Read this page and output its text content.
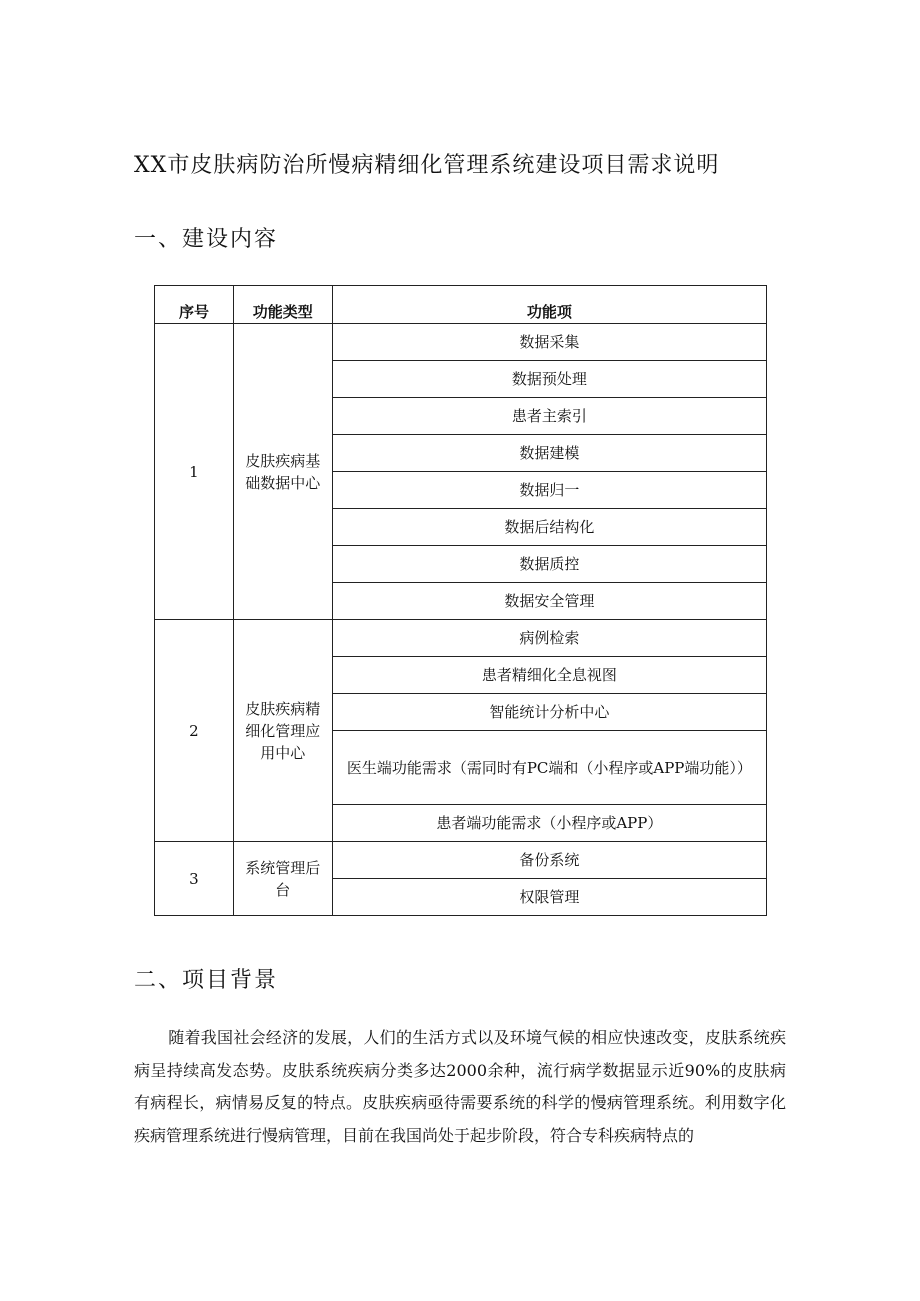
XX市皮肤病防治所慢病精细化管理系统建设项目需求说明
一、建设内容
序号	功能类型	功能项
1	皮肤疾病基础数据中心	数据采集
		数据预处理
		患者主索引
		数据建模
		数据归一
		数据后结构化
		数据质控
		数据安全管理
2	皮肤疾病精细化管理应用中心	病例检索
		患者精细化全息视图
		智能统计分析中心
		医生端功能需求（需同时有PC端和（小程序或APP端功能））
		患者端功能需求（小程序或APP）
3	系统管理后台	备份系统
		权限管理
二、项目背景
随着我国社会经济的发展，人们的生活方式以及环境气候的相应快速改变，皮肤系统疾病呈持续高发态势。皮肤系统疾病分类多达2000余种，流行病学数据显示近90%的皮肤病有病程长，病情易反复的特点。皮肤疾病亟待需要系统的科学的慢病管理系统。利用数字化疾病管理系统进行慢病管理，目前在我国尚处于起步阶段，符合专科疾病特点的
